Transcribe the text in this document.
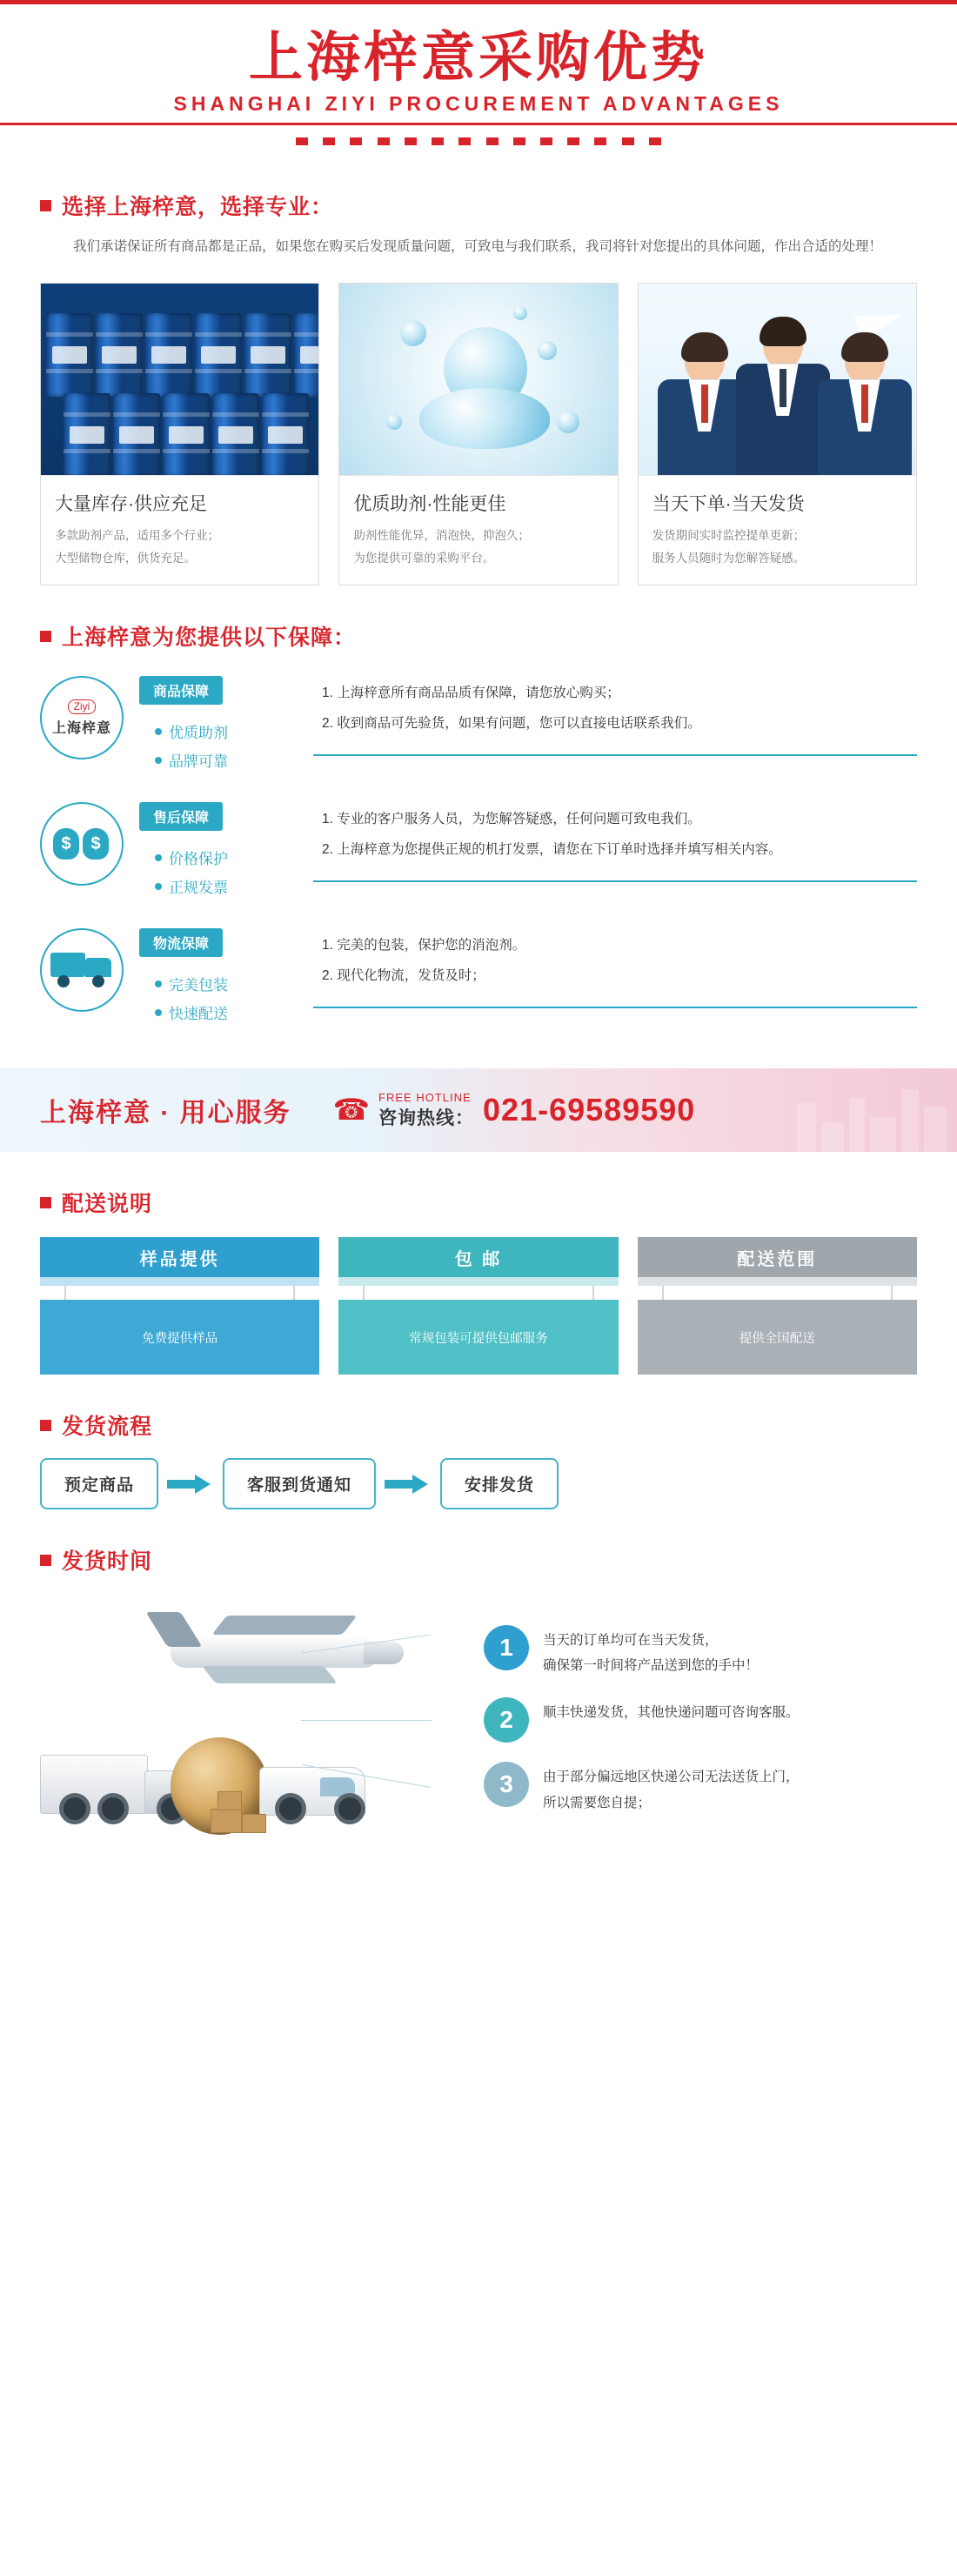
上海梓意采购优势
SHANGHAI ZIYI PROCUREMENT ADVANTAGES
选择上海梓意，选择专业：
我们承诺保证所有商品都是正品，如果您在购买后发现质量问题，可致电与我们联系，我司将针对您提出的具体问题，作出合适的处理！
大量库存·供应充足
多款助剂产品，适用多个行业；
大型储物仓库，供货充足。
优质助剂·性能更佳
助剂性能优异，消泡快，抑泡久；
为您提供可靠的采购平台。
当天下单·当天发货
发货期间实时监控提单更新；
服务人员随时为您解答疑感。
上海梓意为您提供以下保障：
Ziyi
上海梓意
商品保障
优质助剂
品牌可靠

1. 上海梓意所有商品品质有保障，请您放心购买；

2. 收到商品可先验货，如果有问题，您可以直接电话联系我们。

$	$
售后保障
价格保护
正规发票

1. 专业的客户服务人员，为您解答疑惑，任何问题可致电我们。

2. 上海梓意为您提供正规的机打发票，请您在下订单时选择并填写相关内容。

物流保障
完美包装
快速配送

1. 完美的包装，保护您的消泡剂。

2. 现代化物流，发货及时；

上海梓意 · 用心服务 ☎ FREE HOTLINE
咨询热线： 021-69589590
配送说明
样品提供
免费提供样品
包 邮
常规包装可提供包邮服务
配送范围
提供全国配送
发货流程
预定商品	客服到货通知	安排发货
发货时间
1	当天的订单均可在当天发货，
确保第一时间将产品送到您的手中！
2	顺丰快递发货，其他快递问题可咨询客服。
3	由于部分偏远地区快递公司无法送货上门，
所以需要您自提；
